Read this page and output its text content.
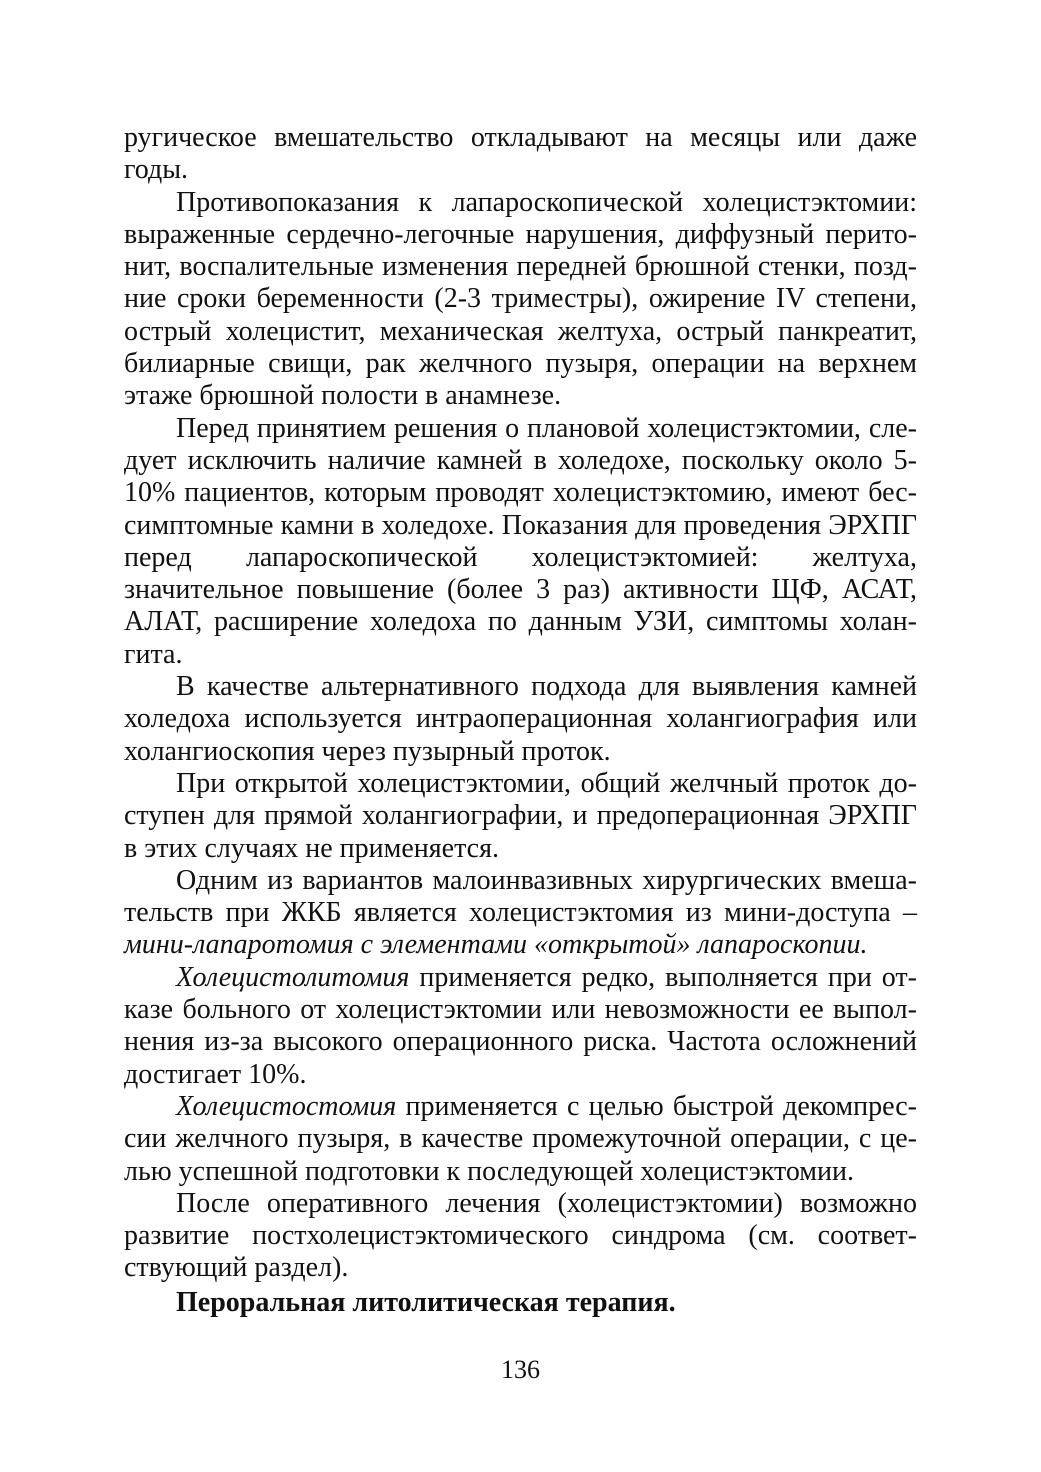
ругическое вмешательство откладывают на месяцы или даже годы.

Противопоказания к лапароскопической холецистэктомии: выраженные сердечно-легочные нарушения, диффузный перитонит, воспалительные изменения передней брюшной стенки, поздние сроки беременности (2-3 триместры), ожирение IV степени, острый холецистит, механическая желтуха, острый панкреатит, билиарные свищи, рак желчного пузыря, операции на верхнем этаже брюшной полости в анамнезе.

Перед принятием решения о плановой холецистэктомии, следует исключить наличие камней в холедохе, поскольку около 5-10% пациентов, которым проводят холецистэктомию, имеют бессимптомные камни в холедохе. Показания для проведения ЭРХПГ перед лапароскопической холецистэктомией: желтуха, значительное повышение (более 3 раз) активности ЩФ, АСАТ, АЛАТ, расширение холедоха по данным УЗИ, симптомы холангита.

В качестве альтернативного подхода для выявления камней холедоха используется интраоперационная холангиография или холангиоскопия через пузырный проток.

При открытой холецистэктомии, общий желчный проток доступен для прямой холангиографии, и предоперационная ЭРХПГ в этих случаях не применяется.

Одним из вариантов малоинвазивных хирургических вмешательств при ЖКБ является холецистэктомия из мини-доступа – мини-лапаротомия с элементами «открытой» лапароскопии.

Холецистолитомия применяется редко, выполняется при отказе больного от холецистэктомии или невозможности ее выполнения из-за высокого операционного риска. Частота осложнений достигает 10%.

Холецистостомия применяется с целью быстрой декомпрессии желчного пузыря, в качестве промежуточной операции, с целью успешной подготовки к последующей холецистэктомии.

После оперативного лечения (холецистэктомии) возможно развитие постхолецистэктомического синдрома (см. соответствующий раздел).

Пероральная литолитическая терапия.

136
